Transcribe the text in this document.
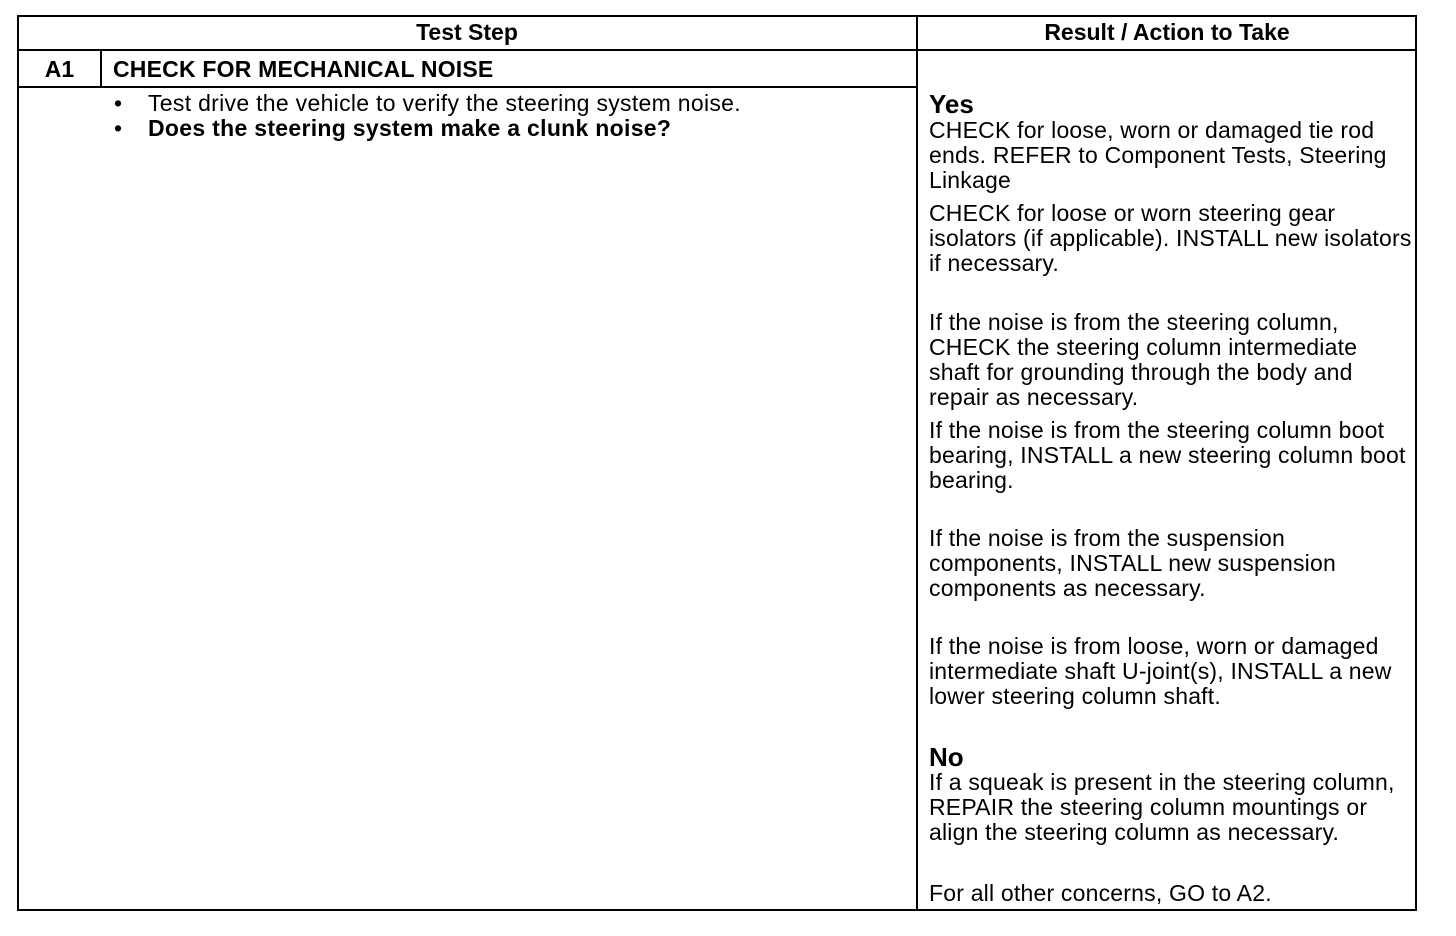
Test Step	Result / Action to Take
A1	CHECK FOR MECHANICAL NOISE
• Test drive the vehicle to verify the steering system noise.
• Does the steering system make a clunk noise?
Yes
CHECK for loose, worn or damaged tie rod ends. REFER to Component Tests, Steering Linkage
CHECK for loose or worn steering gear isolators (if applicable). INSTALL new isolators if necessary.
If the noise is from the steering column, CHECK the steering column intermediate shaft for grounding through the body and repair as necessary.
If the noise is from the steering column boot bearing, INSTALL a new steering column boot bearing.
If the noise is from the suspension components, INSTALL new suspension components as necessary.
If the noise is from loose, worn or damaged intermediate shaft U-joint(s), INSTALL a new lower steering column shaft.
No
If a squeak is present in the steering column, REPAIR the steering column mountings or align the steering column as necessary.
For all other concerns, GO to A2.
